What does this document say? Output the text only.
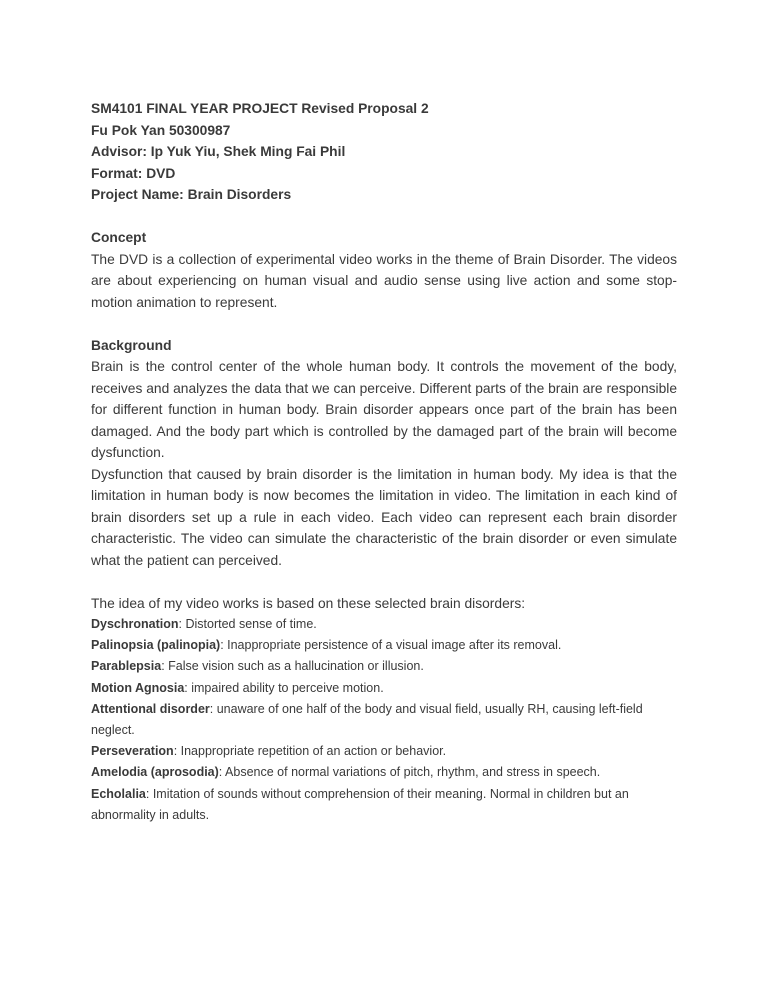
SM4101 FINAL YEAR PROJECT Revised Proposal 2
Fu Pok Yan 50300987
Advisor: Ip Yuk Yiu, Shek Ming Fai Phil
Format: DVD
Project Name: Brain Disorders
Concept

The DVD is a collection of experimental video works in the theme of Brain Disorder. The videos are about experiencing on human visual and audio sense using live action and some stop-motion animation to represent.

Background

Brain is the control center of the whole human body. It controls the movement of the body, receives and analyzes the data that we can perceive. Different parts of the brain are responsible for different function in human body. Brain disorder appears once part of the brain has been damaged. And the body part which is controlled by the damaged part of the brain will become dysfunction.

Dysfunction that caused by brain disorder is the limitation in human body. My idea is that the limitation in human body is now becomes the limitation in video. The limitation in each kind of brain disorders set up a rule in each video. Each video can represent each brain disorder characteristic. The video can simulate the characteristic of the brain disorder or even simulate what the patient can perceived.

The idea of my video works is based on these selected brain disorders:

Dyschronation: Distorted sense of time.
Palinopsia (palinopia): Inappropriate persistence of a visual image after its removal.
Parablepsia: False vision such as a hallucination or illusion.
Motion Agnosia: impaired ability to perceive motion.
Attentional disorder: unaware of one half of the body and visual field, usually RH, causing left-field neglect.
Perseveration: Inappropriate repetition of an action or behavior.
Amelodia (aprosodia): Absence of normal variations of pitch, rhythm, and stress in speech.
Echolalia: Imitation of sounds without comprehension of their meaning. Normal in children but an abnormality in adults.
